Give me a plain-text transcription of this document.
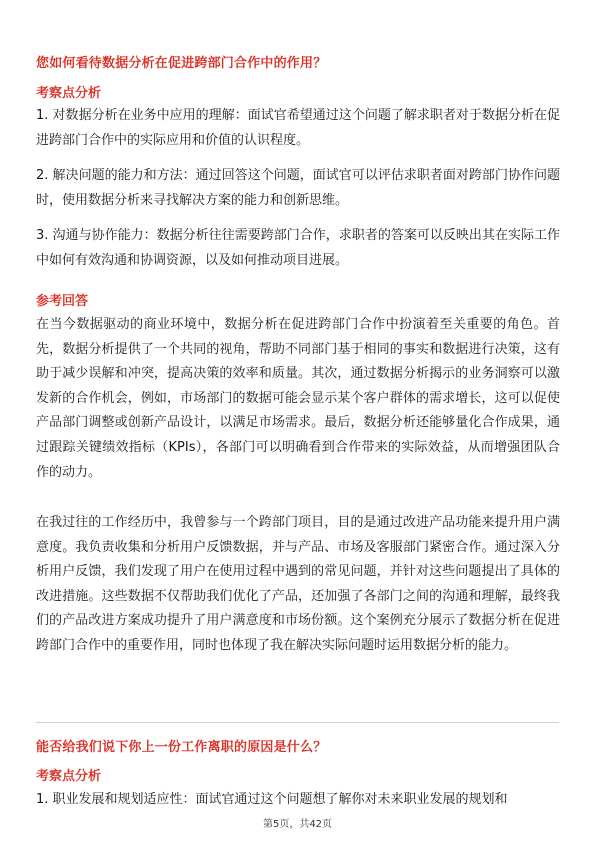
您如何看待数据分析在促进跨部门合作中的作用？
考察点分析

1. 对数据分析在业务中应用的理解：面试官希望通过这个问题了解求职者对于数据分析在促进跨部门合作中的实际应用和价值的认识程度。

2. 解决问题的能力和方法：通过回答这个问题，面试官可以评估求职者面对跨部门协作问题时，使用数据分析来寻找解决方案的能力和创新思维。

3. 沟通与协作能力：数据分析往往需要跨部门合作，求职者的答案可以反映出其在实际工作中如何有效沟通和协调资源，以及如何推动项目进展。

参考回答

在当今数据驱动的商业环境中，数据分析在促进跨部门合作中扮演着至关重要的角色。首先，数据分析提供了一个共同的视角，帮助不同部门基于相同的事实和数据进行决策，这有助于减少误解和冲突，提高决策的效率和质量。其次，通过数据分析揭示的业务洞察可以激发新的合作机会，例如，市场部门的数据可能会显示某个客户群体的需求增长，这可以促使产品部门调整或创新产品设计，以满足市场需求。最后，数据分析还能够量化合作成果，通过跟踪关键绩效指标（KPIs），各部门可以明确看到合作带来的实际效益，从而增强团队合作的动力。

在我过往的工作经历中，我曾参与一个跨部门项目，目的是通过改进产品功能来提升用户满意度。我负责收集和分析用户反馈数据，并与产品、市场及客服部门紧密合作。通过深入分析用户反馈，我们发现了用户在使用过程中遇到的常见问题，并针对这些问题提出了具体的改进措施。这些数据不仅帮助我们优化了产品，还加强了各部门之间的沟通和理解，最终我们的产品改进方案成功提升了用户满意度和市场份额。这个案例充分展示了数据分析在促进跨部门合作中的重要作用，同时也体现了我在解决实际问题时运用数据分析的能力。

能否给我们说下你上一份工作离职的原因是什么？
考察点分析

1. 职业发展和规划适应性：面试官通过这个问题想了解你对未来职业发展的规划和

第5页，共42页
